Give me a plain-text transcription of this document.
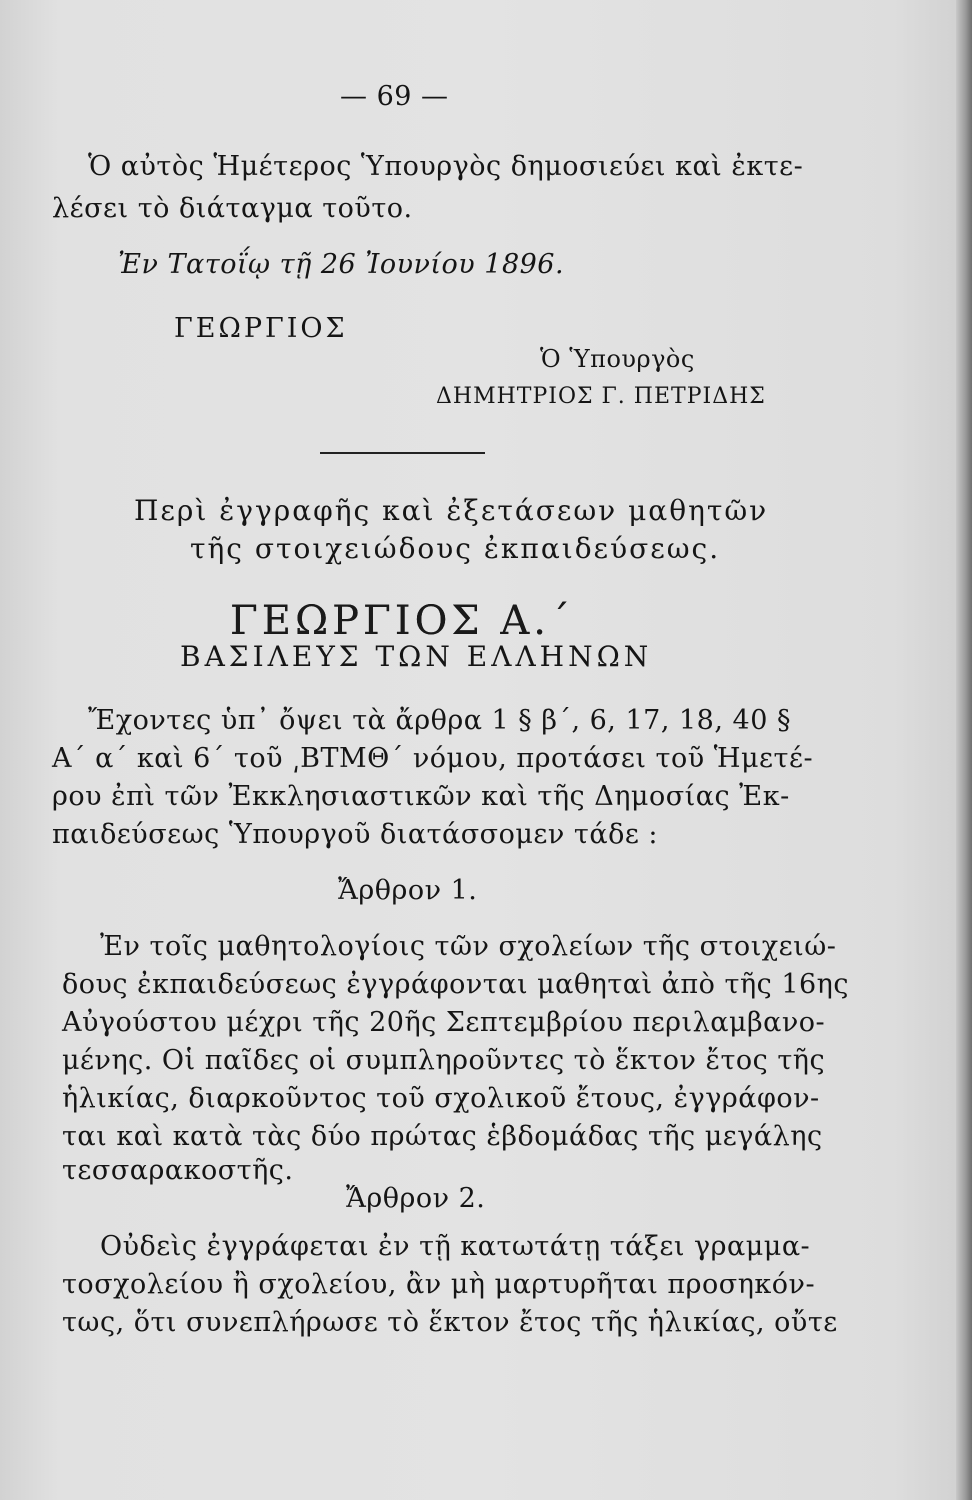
— 69 —
Ὁ αὐτὸς Ἡμέτερος Ὑπουργὸς δημοσιεύει καὶ ἐκτε-
λέσει τὸ διάταγμα τοῦτο.
Ἐν Τατοΐῳ τῇ 26 Ἰουνίου 1896.
ΓΕΩΡΓΙΟΣ
Ὁ Ὑπουργὸς
ΔΗΜΗΤΡΙΟΣ Γ. ΠΕΤΡΙΔΗΣ
Περὶ ἐγγραφῆς καὶ ἐξετάσεων μαθητῶν
τῆς στοιχειώδους ἐκπαιδεύσεως.
ΓΕΩΡΓΙΟΣ Α.΄
ΒΑΣΙΛΕΥΣ ΤΩΝ ΕΛΛΗΝΩΝ
Ἔχοντες ὑπ᾽ ὄψει τὰ ἄρθρα 1 § β΄, 6, 17, 18, 40 §
Α΄ α΄ καὶ 6΄ τοῦ ͵ΒΤΜΘ΄ νόμου, προτάσει τοῦ Ἡμετέ-
ρου ἐπὶ τῶν Ἐκκλησιαστικῶν καὶ τῆς Δημοσίας Ἐκ-
παιδεύσεως Ὑπουργοῦ διατάσσομεν τάδε :
Ἄρθρον 1.
Ἐν τοῖς μαθητολογίοις τῶν σχολείων τῆς στοιχειώ-
δους ἐκπαιδεύσεως ἐγγράφονται μαθηταὶ ἀπὸ τῆς 16ης
Αὐγούστου μέχρι τῆς 20ῆς Σεπτεμβρίου περιλαμβανο-
μένης. Οἱ παῖδες οἱ συμπληροῦντες τὸ ἕκτον ἔτος τῆς
ἡλικίας, διαρκοῦντος τοῦ σχολικοῦ ἔτους, ἐγγράφον-
ται καὶ κατὰ τὰς δύο πρώτας ἑβδομάδας τῆς μεγάλης
τεσσαρακοστῆς.
Ἄρθρον 2.
Οὐδεὶς ἐγγράφεται ἐν τῇ κατωτάτῃ τάξει γραμμα-
τοσχολείου ἢ σχολείου, ἂν μὴ μαρτυρῆται προσηκόν-
τως, ὅτι συνεπλήρωσε τὸ ἕκτον ἔτος τῆς ἡλικίας, οὔτε
